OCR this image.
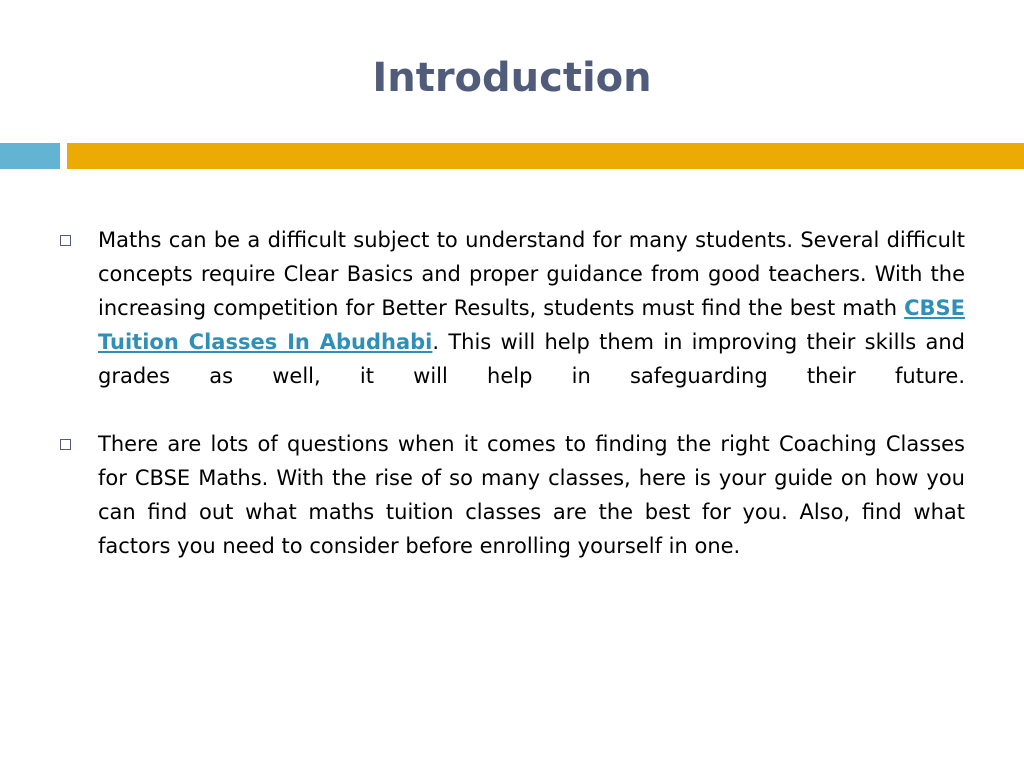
Introduction
Maths can be a difficult subject to understand for many students. Several difficult concepts require Clear Basics and proper guidance from good teachers. With the increasing competition for Better Results, students must find the best math CBSE Tuition Classes In Abudhabi. This will help them in improving their skills and grades as well, it will help in safeguarding their future.
There are lots of questions when it comes to finding the right Coaching Classes for CBSE Maths. With the rise of so many classes, here is your guide on how you can find out what maths tuition classes are the best for you. Also, find what factors you need to consider before enrolling yourself in one.
